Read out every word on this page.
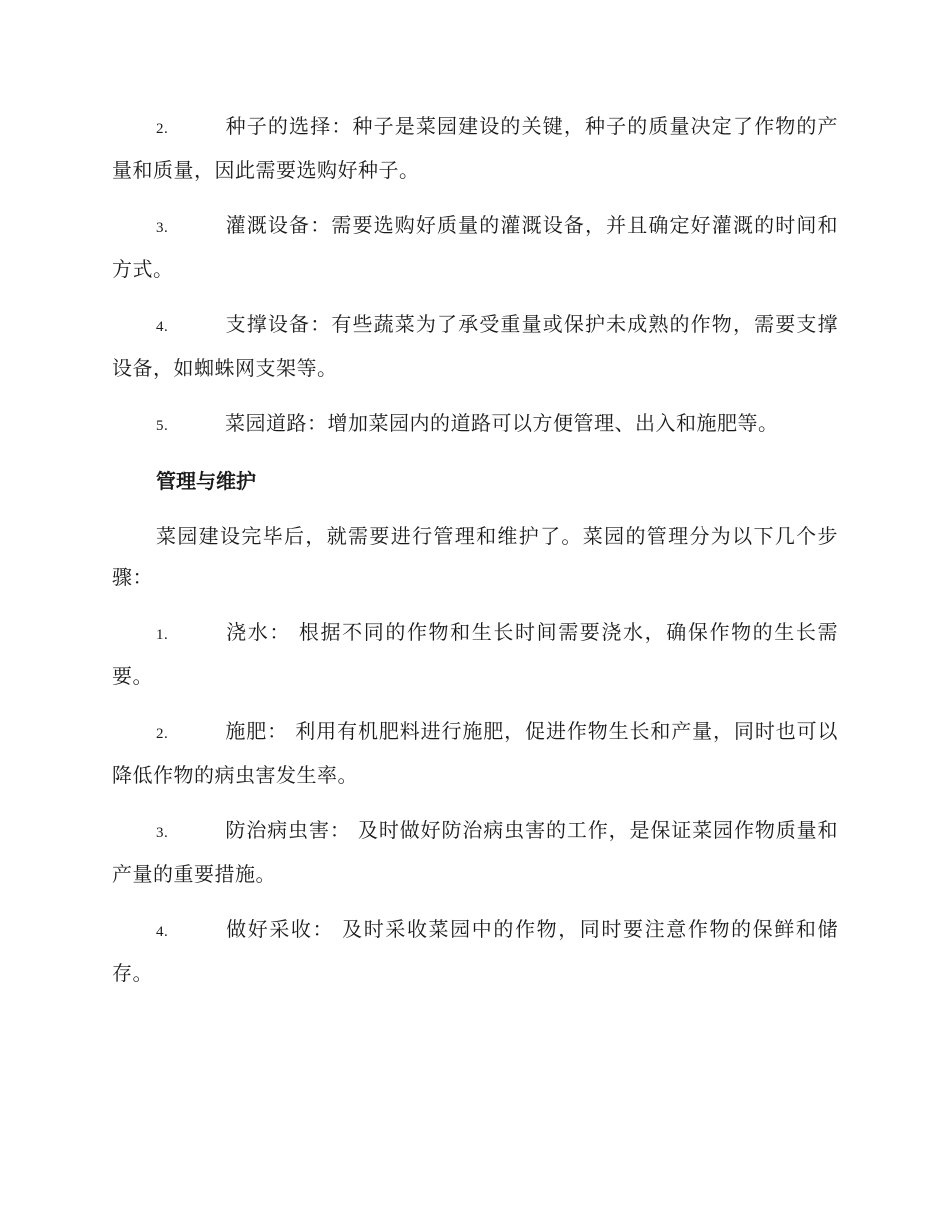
2.	种子的选择：种子是菜园建设的关键，种子的质量决定了作物的产量和质量，因此需要选购好种子。
3.	灌溉设备：需要选购好质量的灌溉设备，并且确定好灌溉的时间和方式。
4.	支撑设备：有些蔬菜为了承受重量或保护未成熟的作物，需要支撑设备，如蜘蛛网支架等。
5.	菜园道路：增加菜园内的道路可以方便管理、出入和施肥等。
管理与维护
菜园建设完毕后，就需要进行管理和维护了。菜园的管理分为以下几个步骤：
1.	浇水： 根据不同的作物和生长时间需要浇水，确保作物的生长需要。
2.	施肥： 利用有机肥料进行施肥，促进作物生长和产量，同时也可以降低作物的病虫害发生率。
3.	防治病虫害： 及时做好防治病虫害的工作，是保证菜园作物质量和产量的重要措施。
4.	做好采收： 及时采收菜园中的作物，同时要注意作物的保鲜和储存。
